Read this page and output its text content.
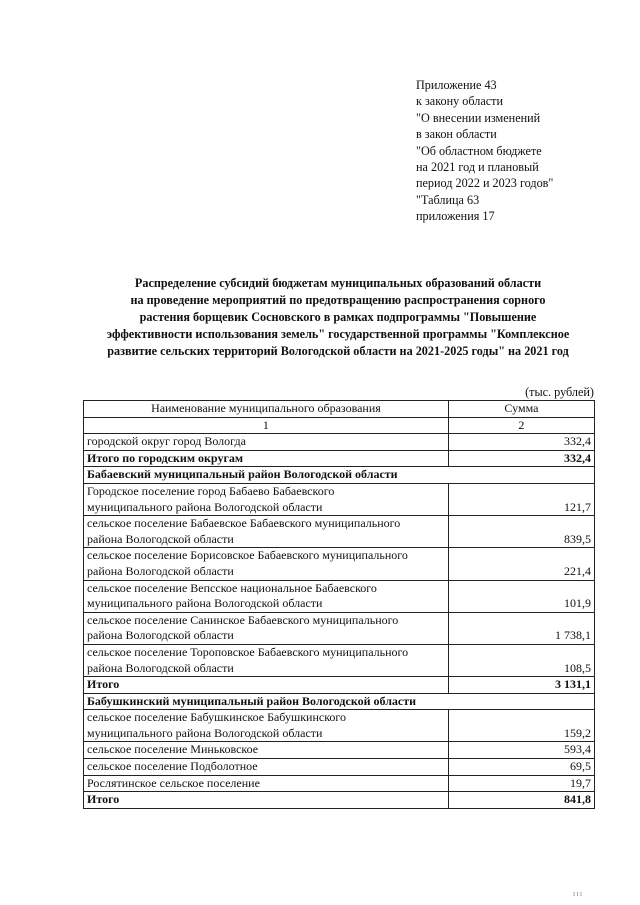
Приложение 43
к закону области
"О внесении изменений
в закон области
"Об областном бюджете
на 2021 год и плановый
период 2022 и 2023 годов"
"Таблица 63
приложения 17
Распределение субсидий бюджетам муниципальных образований области
на проведение мероприятий по предотвращению распространения сорного
растения борщевик Сосновского в рамках подпрограммы "Повышение
эффективности использования земель" государственной программы "Комплексное
развитие сельских территорий Вологодской области на 2021-2025 годы" на 2021 год
(тыс. рублей)
Наименование муниципального образования	Сумма
1	2
городской округ город Вологда	332,4
Итого по городским округам	332,4
Бабаевский муниципальный район Вологодской области	
Городское поселение город Бабаево Бабаевского
муниципального района Вологодской области	121,7
сельское поселение Бабаевское Бабаевского муниципального
района Вологодской области	839,5
сельское поселение Борисовское Бабаевского муниципального
района Вологодской области	221,4
сельское поселение Вепсское национальное Бабаевского
муниципального района Вологодской области	101,9
сельское поселение Санинское Бабаевского муниципального
района Вологодской области	1 738,1
сельское поселение Тороповское Бабаевского муниципального
района Вологодской области	108,5
Итого	3 131,1
Бабушкинский муниципальный район Вологодской области	
сельское поселение Бабушкинское Бабушкинского
муниципального района Вологодской области	159,2
сельское поселение Миньковское	593,4
сельское поселение Подболотное	69,5
Рослятинское сельское поселение	19,7
Итого	841,8
I I I
